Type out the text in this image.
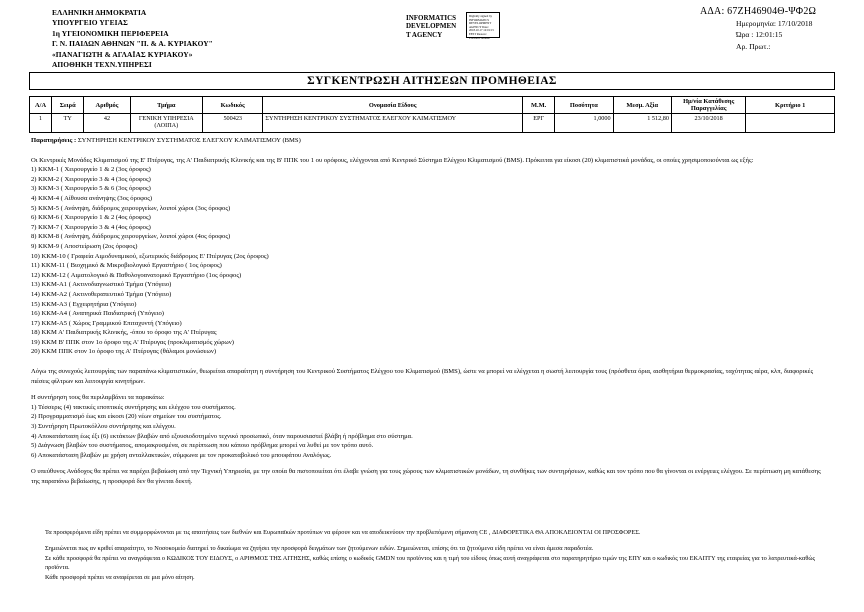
ΕΛΛΗΝΙΚΗ ΔΗΜΟΚΡΑΤΙΑ
ΥΠΟΥΡΓΕΙΟ ΥΓΕΙΑΣ
1η ΥΓΕΙΟΝΟΜΙΚΗ ΠΕΡΙΦΕΡΕΙΑ
Γ. Ν. ΠΑΙΔΩΝ ΑΘΗΝΩΝ "Π. & Α. ΚΥΡΙΑΚΟΥ"
«ΠΑΝΑΓΙΩΤΗ & ΑΓΛΑΪΑΣ ΚΥΡΙΑΚΟΥ»
ΑΠΟΘΗΚΗ ΤΕΧΝ.ΥΠΗΡΕΣΙ
INFORMATICS
DEVELOPMEN
T AGENCY
Digitally signed by INFORMATICS DEVELOPMENT AGENCY Date: 2018.10.17 12:01:15 EEST Reason: Location: Athens
ΑΔΑ: 67ΖΗ46904Θ-ΨΦ2Ω
Ημερομηνία: 17/10/2018
Ώρα : 12:01:15
Αρ. Πρωτ.:
ΣΥΓΚΕΝΤΡΩΣΗ ΑΙΤΗΣΕΩΝ ΠΡΟΜΗΘΕΙΑΣ
Α/Α	Σειρά	Αριθμός	Τμήμα	Κωδικός	Ονομασία Είδους	Μ.Μ.	Ποσότητα	Μεσμ. Αξία	Ημ/νία Κατάθεσης Παραγγελίας	Κριτήριο 1
1	ΤΥ	42	ΓΕΝΙΚΗ ΥΠΗΡΕΣΙΑ (ΛΟΙΠΑ)	500423	ΣΥΝΤΗΡΗΣΗ ΚΕΝΤΡΙΚΟΥ ΣΥΣΤΗΜΑΤΟΣ ΕΛΕΓΧΟΥ ΚΛΙΜΑΤΙΣΜΟΥ	ΕΡΓ	1,0000	1 512,80	23/10/2018	

Παρατηρήσεις : ΣΥΝΤΗΡΗΣΗ ΚΕΝΤΡΙΚΟΥ ΣΥΣΤΗΜΑΤΟΣ ΕΛΕΓΧΟΥ ΚΛΙΜΑΤΙΣΜΟΥ (BMS)

Οι Κεντρικές Μονάδες Κλιματισμού της Ε' Πτέρυγας, της Α' Παιδιατρικής Κλινικής και της Β' ΠΠΚ του 1 ου ορόφους, ελέγχονται από Κεντρικό Σύστημα Ελέγχου Κλιματισμού (BMS). Πρόκειται για είκοσι (20) κλιματιστικά μονάδας, οι οποίες χρησιμοποιούνται ως εξής:

1) ΚΚΜ-1 ( Χειρουργείο 1 & 2 (3ος όροφος)

2) ΚΚΜ-2 ( Χειρουργείο 3 & 4 (3ος όροφος)

3) ΚΚΜ-3 ( Χειρουργείο 5 & 6 (3ος όροφος)

4) ΚΚΜ-4 ( Αίθουσα ανάνηψης (3ος όροφος)

5) ΚΚΜ-5 ( Ανάνηψη, διάδρομος χειρουργείων, λοιποί χώροι (3ος όροφος)

6) ΚΚΜ-6 ( Χειρουργείο 1 & 2 (4ος όροφος)

7) ΚΚΜ-7 ( Χειρουργείο 3 & 4 (4ος όροφος)

8) ΚΚΜ-8 ( Ανάνηψη, διάδρομος χειρουργείων, λοιποί χώροι (4ος όροφος)

9) ΚΚΜ-9 ( Αποστείρωση (2ος όροφος)

10) ΚΚΜ-10 ( Γραφεία Αιμοδυναμικού, εξωτερικός διάδρομος Ε' Πτέρυγας (2ος όροφος)

11) ΚΚΜ-11 ( Βιοχημικό & Μικροβιολογικό Εργαστήριο ( 1ος όροφος)

12) ΚΚΜ-12 ( Αιματολογικό & Παθολογοανατομικό Εργαστήριο (1ος όροφος)

13) ΚΚΜ-Α1 ( Ακτινοδιαγνωστικό Τμήμα (Υπόγειο)

14) ΚΚΜ-Α2 ( Ακτινοθεραπευτικό Τμήμα (Υπόγειο)

15) ΚΚΜ-Α3 ( Εγχειρητήρια (Υπόγειο)

16) ΚΚΜ-Α4 ( Αναπηρικά Παιδιατρική (Υπόγειο)

17) ΚΚΜ-Α5 ( Χώρος Γραμμικού Επιταχυντή (Υπόγειο)

18) ΚΚΜ Α' Παιδιατρικής Κλινικής, -όπου το όροφο της Α' Πτέρυγας

19) ΚΚΜ Β' ΠΠΚ στον 1ο όροφο της Α' Πτέρυγας (προκλιματισμός χώρων)

20) ΚΚΜ ΠΠΚ στον 1ο όροφο της Α' Πτέρυγας (θάλαμοι μονώσεων)

Λόγω της συνεχούς λειτουργίας των παραπάνω κλιματιστικών, θεωρείται απαραίτητη η συντήρηση του Κεντρικού Συστήματος Ελέγχου του Κλιματισμού (BMS), ώστε να μπορεί να ελέγχεται η σωστή λειτουργία τους (πρόσθετα όρια, αισθητήρια θερμοκρασίας, ταχύτητας αέρα, κλπ, διαφορικές πιέσεις φίλτρων και λειτουργία κινητήρων.

Η συντήρηση τους θα περιλαμβάνει τα παρακάτω:

1) Τέσσερις (4) τακτικές εποπτικές συντήρησης και ελέγχου του συστήματος.

2) Προγραμματισμό έως και είκοσι (20) νέων σημείων του συστήματος.

3) Συντήρηση Πρωτοκόλλου συντήρησης και ελέγχου.

4) Αποκατάσταση έως έξι (6) εκτάκτων βλαβών από εξουσιοδοτημένο τεχνικό προσωπικό, όταν παρουσιαστεί βλάβη ή πρόβλημα στο σύστημα.

5) Διάγνωση βλαβών του συστήματος, απομακρυσμένα, σε περίπτωση που κάποιο πρόβλημα μπορεί να λυθεί με τον τρόπο αυτό.

6) Αποκατάσταση βλαβών με χρήση ανταλλακτικών, σύμφωνα με τον προκαταβολικό του μπουφάτου Αναλόγως.

Ο υπεύθυνος Ανάδοχος θα πρέπει να παρέχει βεβαίωση από την Τεχνική Υπηρεσία, με την οποία θα πιστοποιείται ότι έλαβε γνώση για τους χώρους των κλιματιστικών μονάδων, τη συνθήκες των συντηρήσεων, καθώς και τον τρόπο που θα γίνονται οι ενέργειες ελέγχου. Σε περίπτωση μη κατάθεσης της παραπάνω βεβαίωσης, η προσφορά δεν θα γίνεται δεκτή.

Τα προσφερόμενα είδη πρέπει να συμμορφώνονται με τις απαιτήσεις των διεθνών και Ευρωπαϊκών προτύπων να φέρουν και να αποδεικνύουν την προβλεπόμενη σήμανση CE , ΔΙΑΦΟΡΕΤΙΚΑ ΘΑ ΑΠΟΚΛΕΙΟΝΤΑΙ ΟΙ ΠΡΟΣΦΟΡΕΣ.

Σημειώνεται πως αν κριθεί απαραίτητο, το Νοσοκομείο διατηρεί το δικαίωμα να ζητήσει την προσφορά δειγμάτων των ζητούμενων ειδών. Σημειώνεται, επίσης ότι τα ζητούμενα είδη πρέπει να είναι άμεσα παραδοτέα.

Σε κάθε προσφορά θα πρέπει να αναγράφεται ο ΚΩΔΙΚΟΣ ΤΟΥ ΕΙΔΟΥΣ, ο ΑΡΙΘΜΟΣ ΤΗΣ ΑΙΤΗΣΗΣ, καθώς επίσης ο κωδικός GMDN του προϊόντος και η τιμή του είδους όπως αυτή αναγράφεται στο παρατηρητήριο τιμών της ΕΠΥ και ο κωδικός του ΕΚΑΠΤΥ της εταιρείας για το λατρευτικά-καθώς προϊόντα.

Κάθε προσφορά πρέπει να αναφέρεται σε μια μόνο αίτηση.
